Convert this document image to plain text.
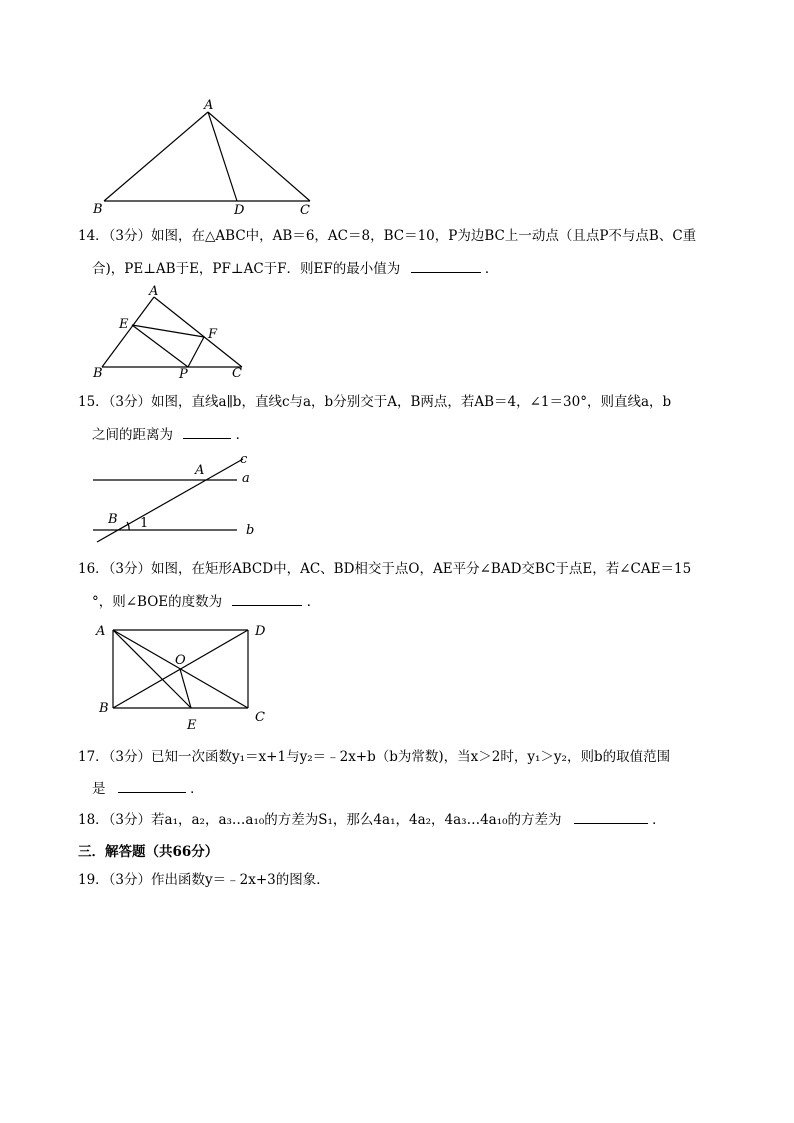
A
B	D	C
14．（3分）如图，在△ABC中，AB＝6，AC＝8，BC＝10，P为边BC上一动点（且点P不与点B、C重
合)，PE⊥AB于E，PF⊥AC于F．则EF的最小值为	．
A
E
F
B	P	C
15．（3分）如图，直线a∥b，直线c与a，b分别交于A，B两点，若AB＝4，∠1＝30°，则直线a，b
之间的距离为	．
c
A
a
B 1	b
16．（3分）如图，在矩形ABCD中，AC、BD相交于点O，AE平分∠BAD交BC于点E，若∠CAE＝15
°，则∠BOE的度数为	．
A	D
O
B
C
E
17．（3分）已知一次函数y₁＝x+1与y₂＝﹣2x+b（b为常数)，当x＞2时，y₁＞y₂，则b的取值范围
是	．
18．（3分）若a₁，a₂，a₃…a₁₀的方差为S₁，那么4a₁，4a₂，4a₃…4a₁₀的方差为	．
三．解答题（共66分）
19．（3分）作出函数y＝﹣2x+3的图象．
